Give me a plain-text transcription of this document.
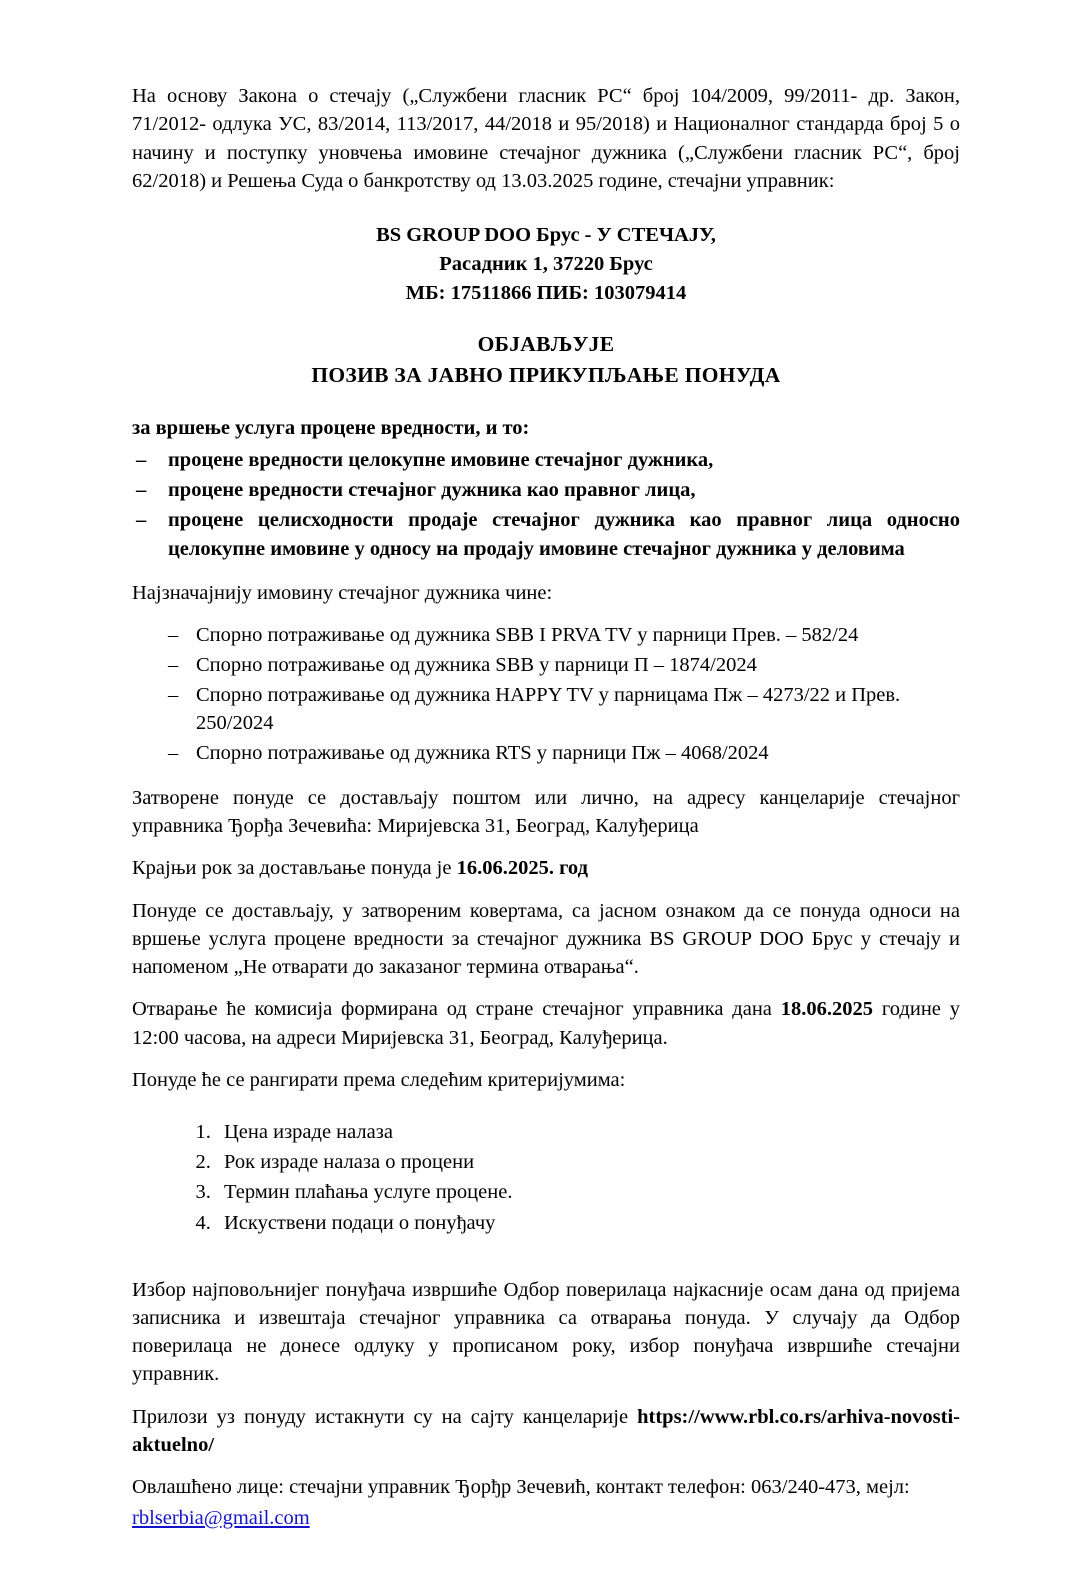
На основу Закона о стечају („Службени гласник РС“ број 104/2009, 99/2011- др. Закон, 71/2012- одлука УС, 83/2014, 113/2017, 44/2018 и 95/2018) и Националног стандарда број 5 о начину и поступку уновчења имовине стечајног дужника („Службени гласник РС“, број 62/2018) и Решења Суда о банкротству од 13.03.2025 године, стечајни управник:

BS GROUP DOO Брус - У СТЕЧАЈУ,
Расадник 1, 37220 Брус
МБ: 17511866 ПИБ: 103079414
ОБЈАВЉУЈЕ
ПОЗИВ ЗА ЈАВНО ПРИКУПЉАЊЕ ПОНУДА

за вршење услуга процене вредности, и то:

– процене вредности целокупне имовине стечајног дужника,
– процене вредности стечајног дужника као правног лица,
– процене целисходности продаје стечајног дужника као правног лица односно целокупне имовине у односу на продају имовине стечајног дужника у деловима

Најзначајнију имовину стечајног дужника чине:

– Спорно потраживање од дужника SBB I PRVA TV у парници Прев. – 582/24
– Спорно потраживање од дужника SBB у парници П – 1874/2024
– Спорно потраживање од дужника HAPPY TV у парницама Пж – 4273/22 и Прев. 250/2024
– Спорно потраживање од дужника RTS у парници Пж – 4068/2024

Затворене понуде се достављају поштом или лично, на адресу канцеларије стечајног управника Ђорђа Зечевића: Миријевска 31, Београд, Калуђерица

Крајњи рок за достављање понуда је 16.06.2025. год

Понуде се достављају, у затвореним ковертама, са јасном ознаком да се понуда односи на вршење услуга процене вредности за стечајног дужника BS GROUP DOO Брус у стечају и напоменом „Не отварати до заказаног термина отварања“.

Отварање ће комисија формирана од стране стечајног управника дана 18.06.2025 године у 12:00 часова, на адреси Миријевска 31, Београд, Калуђерица.

Понуде ће се рангирати према следећим критеријумима:

1. Цена израде налаза
2. Рок израде налаза о процени
3. Термин плаћања услуге процене.
4. Искуствени подаци о понуђачу

Избор најповољнијег понуђача извршиће Одбор поверилаца најкасније осам дана од пријема записника и извештаја стечајног управника са отварања понуда. У случају да Одбор поверилаца не донесе одлуку у прописаном року, избор понуђача извршиће стечајни управник.

Прилози уз понуду истакнути су на сајту канцеларије https://www.rbl.co.rs/arhiva-novosti-aktuelno/

Овлашћено лице: стечајни управник Ђорђр Зечевић, контакт телефон: 063/240-473, мејл:

rblserbia@gmail.com
